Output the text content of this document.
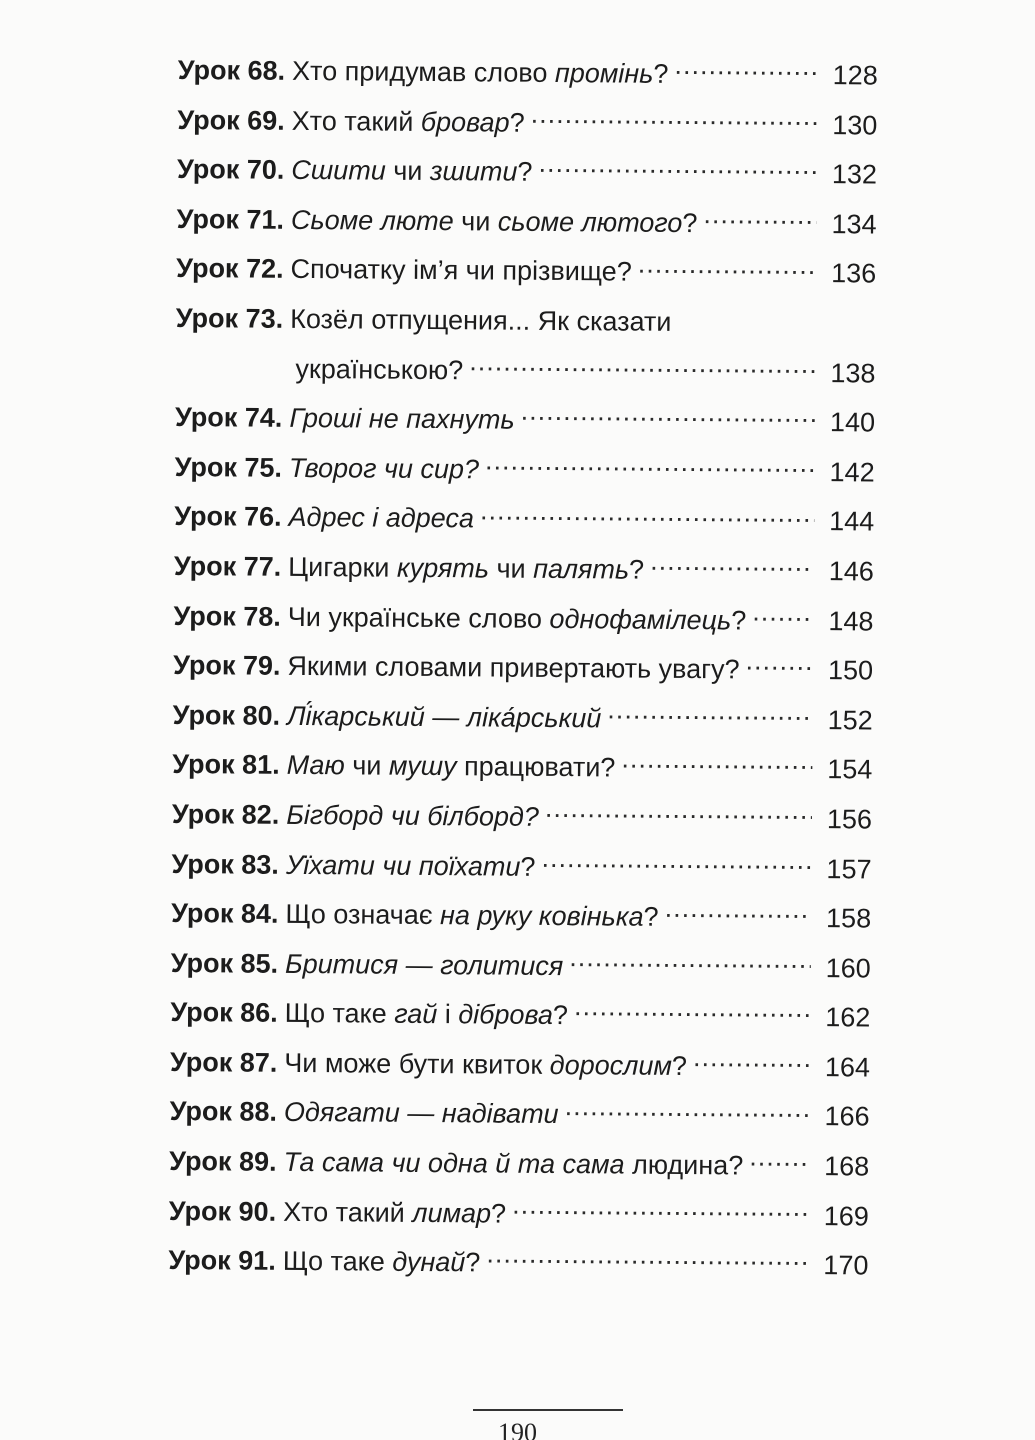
Урок 68. Хто придумав слово промінь? .....	128
Урок 69. Хто такий бровар? .....	130
Урок 70. Сшити чи зшити? .....	132
Урок 71. Сьоме люте чи сьоме лютого? .....	134
Урок 72. Спочатку ім’я чи прізвище? .....	136
Урок 73. Козёл отпущения... Як сказати
українською? .....	138
Урок 74. Гроші не пахнуть .....	140
Урок 75. Творог чи сир? .....	142
Урок 76. Адрес і адреса .....	144
Урок 77. Цигарки курять чи палять? .....	146
Урок 78. Чи українське слово однофамілець? .....	148
Урок 79. Якими словами привертають увагу? .....	150
Урок 80. Лі́карський — ліка́рський .....	152
Урок 81. Маю чи мушу працювати? .....	154
Урок 82. Бігборд чи білборд? .....	156
Урок 83. Уїхати чи поїхати? .....	157
Урок 84. Що означає на руку ковінька? .....	158
Урок 85. Бритися — голитися .....	160
Урок 86. Що таке гай і діброва? .....	162
Урок 87. Чи може бути квиток дорослим? .....	164
Урок 88. Одягати — надівати .....	166
Урок 89. Та сама чи одна й та сама людина? .....	168
Урок 90. Хто такий лимар? .....	169
Урок 91. Що таке дунай? .....	170
190
